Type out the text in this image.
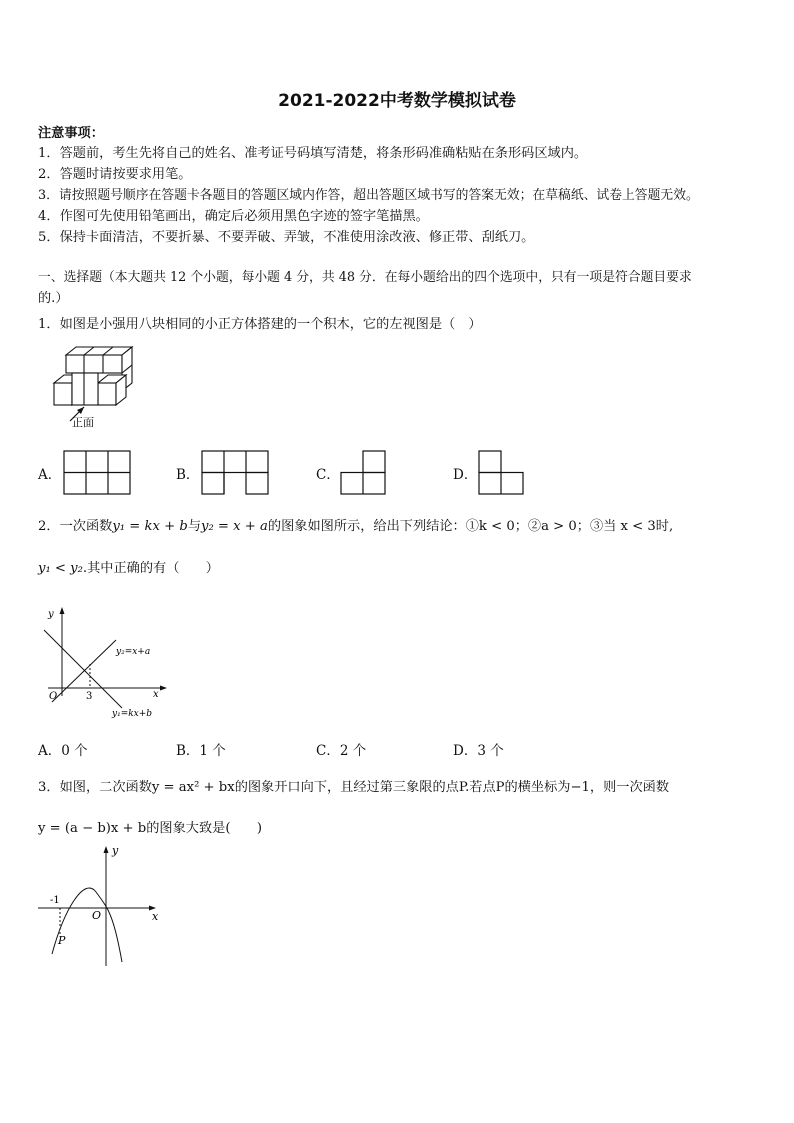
2021-2022中考数学模拟试卷
注意事项：
1．答题前，考生先将自己的姓名、准考证号码填写清楚，将条形码准确粘贴在条形码区域内。
2．答题时请按要求用笔。
3．请按照题号顺序在答题卡各题目的答题区域内作答，超出答题区域书写的答案无效；在草稿纸、试卷上答题无效。
4．作图可先使用铅笔画出，确定后必须用黑色字迹的签字笔描黑。
5．保持卡面清洁，不要折暴、不要弄破、弄皱，不准使用涂改液、修正带、刮纸刀。
一、选择题（本大题共 12 个小题，每小题 4 分，共 48 分．在每小题给出的四个选项中，只有一项是符合题目要求
的.）
1．如图是小强用八块相同的小正方体搭建的一个积木，它的左视图是（　）
正面
A．	B．	C．	D．
2．一次函数y₁ = kx + b与y₂ = x + a的图象如图所示，给出下列结论：①k < 0；②a > 0；③当 x < 3时,
y₁ < y₂.其中正确的有（　　）
y
x
O	3
y₂=x+a
y₁=kx+b
A．0 个	B．1 个	C．2 个	D．3 个
3．如图，二次函数y = ax² + bx的图象开口向下，且经过第三象限的点P.若点P的横坐标为−1，则一次函数
y = (a − b)x + b的图象大致是(　　)
y
x
O
-1
P
